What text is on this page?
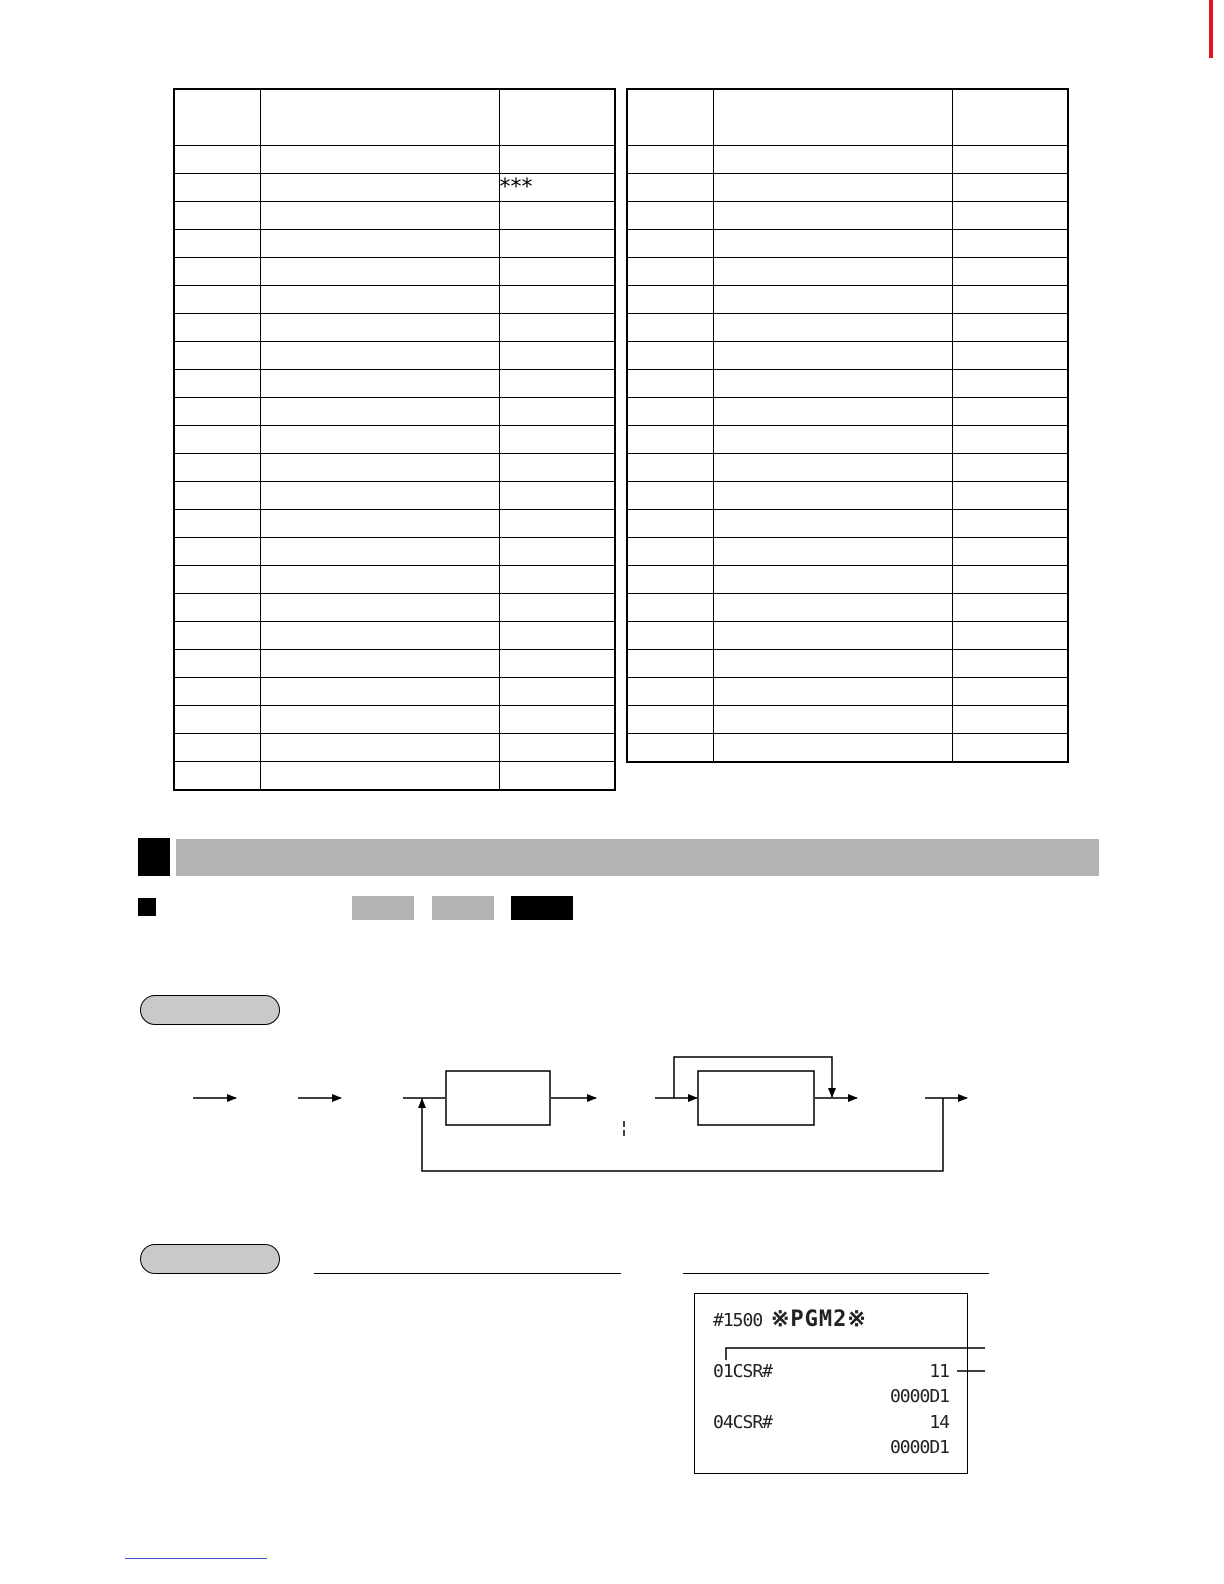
		***

#1500 ※PGM2※
01CSR#	11
0000D1
04CSR#	14
0000D1
